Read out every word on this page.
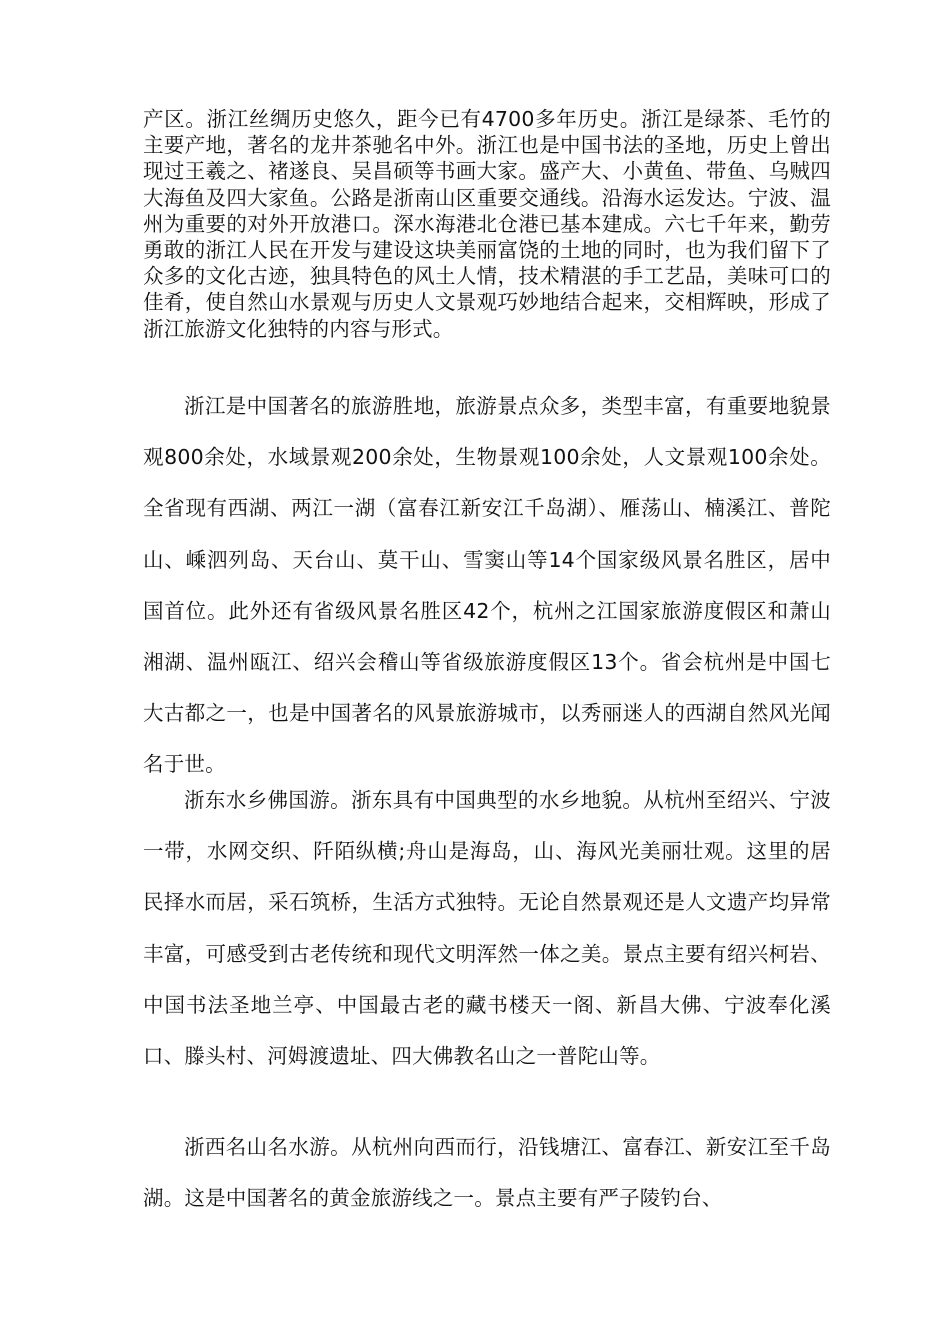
产区。浙江丝绸历史悠久，距今已有4700多年历史。浙江是绿茶、毛竹的主要产地，著名的龙井茶驰名中外。浙江也是中国书法的圣地，历史上曾出现过王羲之、褚遂良、吴昌硕等书画大家。盛产大、小黄鱼、带鱼、乌贼四大海鱼及四大家鱼。公路是浙南山区重要交通线。沿海水运发达。宁波、温州为重要的对外开放港口。深水海港北仓港已基本建成。六七千年来，勤劳勇敢的浙江人民在开发与建设这块美丽富饶的土地的同时，也为我们留下了众多的文化古迹，独具特色的风土人情，技术精湛的手工艺品，美味可口的佳肴，使自然山水景观与历史人文景观巧妙地结合起来，交相辉映，形成了浙江旅游文化独特的内容与形式。

浙江是中国著名的旅游胜地，旅游景点众多，类型丰富，有重要地貌景观800余处，水域景观200余处，生物景观100余处，人文景观100余处。全省现有西湖、两江一湖（富春江新安江千岛湖）、雁荡山、楠溪江、普陀山、嵊泗列岛、天台山、莫干山、雪窦山等14个国家级风景名胜区，居中国首位。此外还有省级风景名胜区42个，杭州之江国家旅游度假区和萧山湘湖、温州瓯江、绍兴会稽山等省级旅游度假区13个。省会杭州是中国七大古都之一，也是中国著名的风景旅游城市，以秀丽迷人的西湖自然风光闻名于世。

浙东水乡佛国游。浙东具有中国典型的水乡地貌。从杭州至绍兴、宁波一带，水网交织、阡陌纵横;舟山是海岛，山、海风光美丽壮观。这里的居民择水而居，采石筑桥，生活方式独特。无论自然景观还是人文遗产均异常丰富，可感受到古老传统和现代文明浑然一体之美。景点主要有绍兴柯岩、中国书法圣地兰亭、中国最古老的藏书楼天一阁、新昌大佛、宁波奉化溪口、滕头村、河姆渡遗址、四大佛教名山之一普陀山等。

浙西名山名水游。从杭州向西而行，沿钱塘江、富春江、新安江至千岛湖。这是中国著名的黄金旅游线之一。景点主要有严子陵钓台、
